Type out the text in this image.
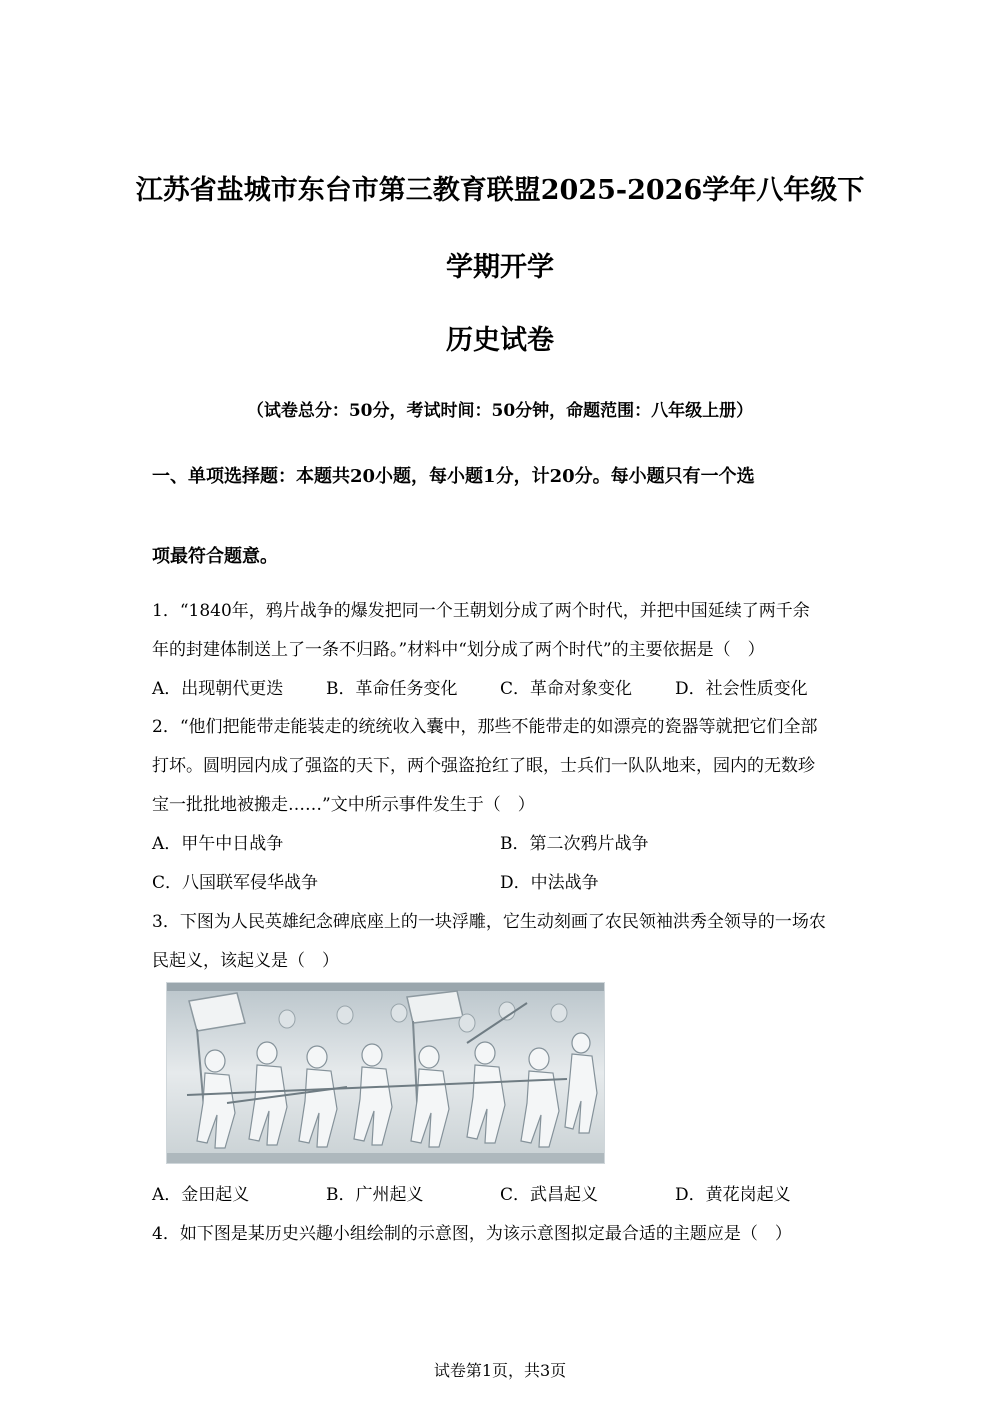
江苏省盐城市东台市第三教育联盟2025-2026学年八年级下
学期开学
历史试卷
（试卷总分：50分，考试时间：50分钟，命题范围：八年级上册）
一、单项选择题：本题共20小题，每小题1分，计20分。每小题只有一个选
项最符合题意。
1．“1840年，鸦片战争的爆发把同一个王朝划分成了两个时代，并把中国延续了两千余
年的封建体制送上了一条不归路。”材料中“划分成了两个时代”的主要依据是（　）
A．出现朝代更迭	B．革命任务变化	C．革命对象变化	D．社会性质变化
2．“他们把能带走能装走的统统收入囊中，那些不能带走的如漂亮的瓷器等就把它们全部
打坏。圆明园内成了强盗的天下，两个强盗抢红了眼，士兵们一队队地来，园内的无数珍
宝一批批地被搬走……”文中所示事件发生于（　）
A．甲午中日战争	B．第二次鸦片战争
C．八国联军侵华战争	D．中法战争
3．下图为人民英雄纪念碑底座上的一块浮雕，它生动刻画了农民领袖洪秀全领导的一场农
民起义，该起义是（　）
A．金田起义	B．广州起义	C．武昌起义	D．黄花岗起义
4．如下图是某历史兴趣小组绘制的示意图，为该示意图拟定最合适的主题应是（　）
试卷第1页，共3页
